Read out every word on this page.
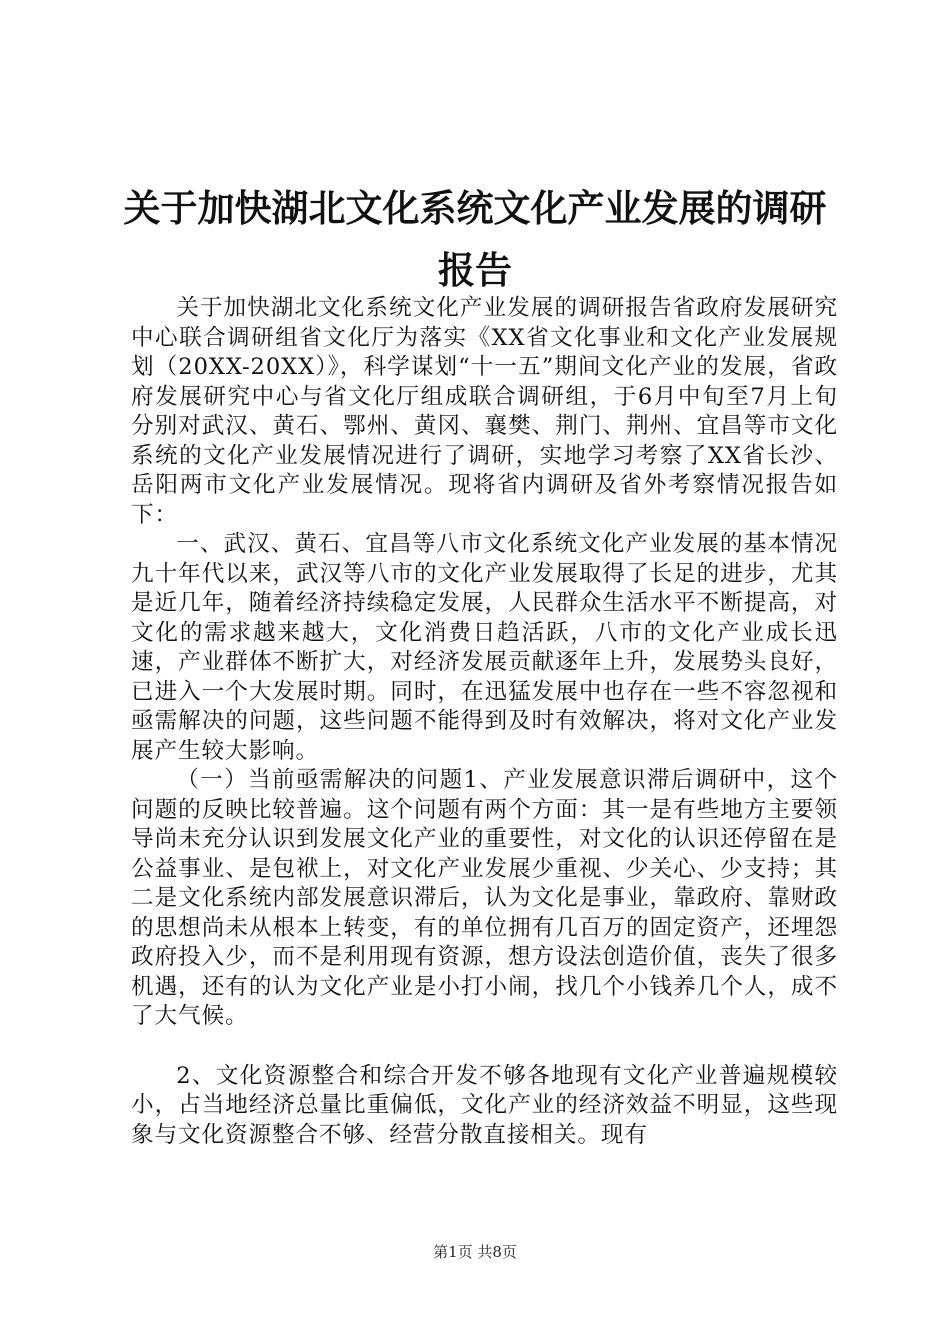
关于加快湖北文化系统文化产业发展的调研报告

关于加快湖北文化系统文化产业发展的调研报告省政府发展研究中心联合调研组省文化厅为落实《XX省文化事业和文化产业发展规划（20XX-20XX）》，科学谋划“十一五”期间文化产业的发展，省政府发展研究中心与省文化厅组成联合调研组，于6月中旬至7月上旬分别对武汉、黄石、鄂州、黄冈、襄樊、荆门、荆州、宜昌等市文化系统的文化产业发展情况进行了调研，实地学习考察了XX省长沙、岳阳两市文化产业发展情况。现将省内调研及省外考察情况报告如下：

一、武汉、黄石、宜昌等八市文化系统文化产业发展的基本情况九十年代以来，武汉等八市的文化产业发展取得了长足的进步，尤其是近几年，随着经济持续稳定发展，人民群众生活水平不断提高，对文化的需求越来越大，文化消费日趋活跃，八市的文化产业成长迅速，产业群体不断扩大，对经济发展贡献逐年上升，发展势头良好，已进入一个大发展时期。同时，在迅猛发展中也存在一些不容忽视和亟需解决的问题，这些问题不能得到及时有效解决，将对文化产业发展产生较大影响。

（一）当前亟需解决的问题1、产业发展意识滞后调研中，这个问题的反映比较普遍。这个问题有两个方面：其一是有些地方主要领导尚未充分认识到发展文化产业的重要性，对文化的认识还停留在是公益事业、是包袱上，对文化产业发展少重视、少关心、少支持；其二是文化系统内部发展意识滞后，认为文化是事业，靠政府、靠财政的思想尚未从根本上转变，有的单位拥有几百万的固定资产，还埋怨政府投入少，而不是利用现有资源，想方设法创造价值，丧失了很多机遇，还有的认为文化产业是小打小闹，找几个小钱养几个人，成不了大气候。

2、文化资源整合和综合开发不够各地现有文化产业普遍规模较小，占当地经济总量比重偏低，文化产业的经济效益不明显，这些现象与文化资源整合不够、经营分散直接相关。现有

第1页 共8页
